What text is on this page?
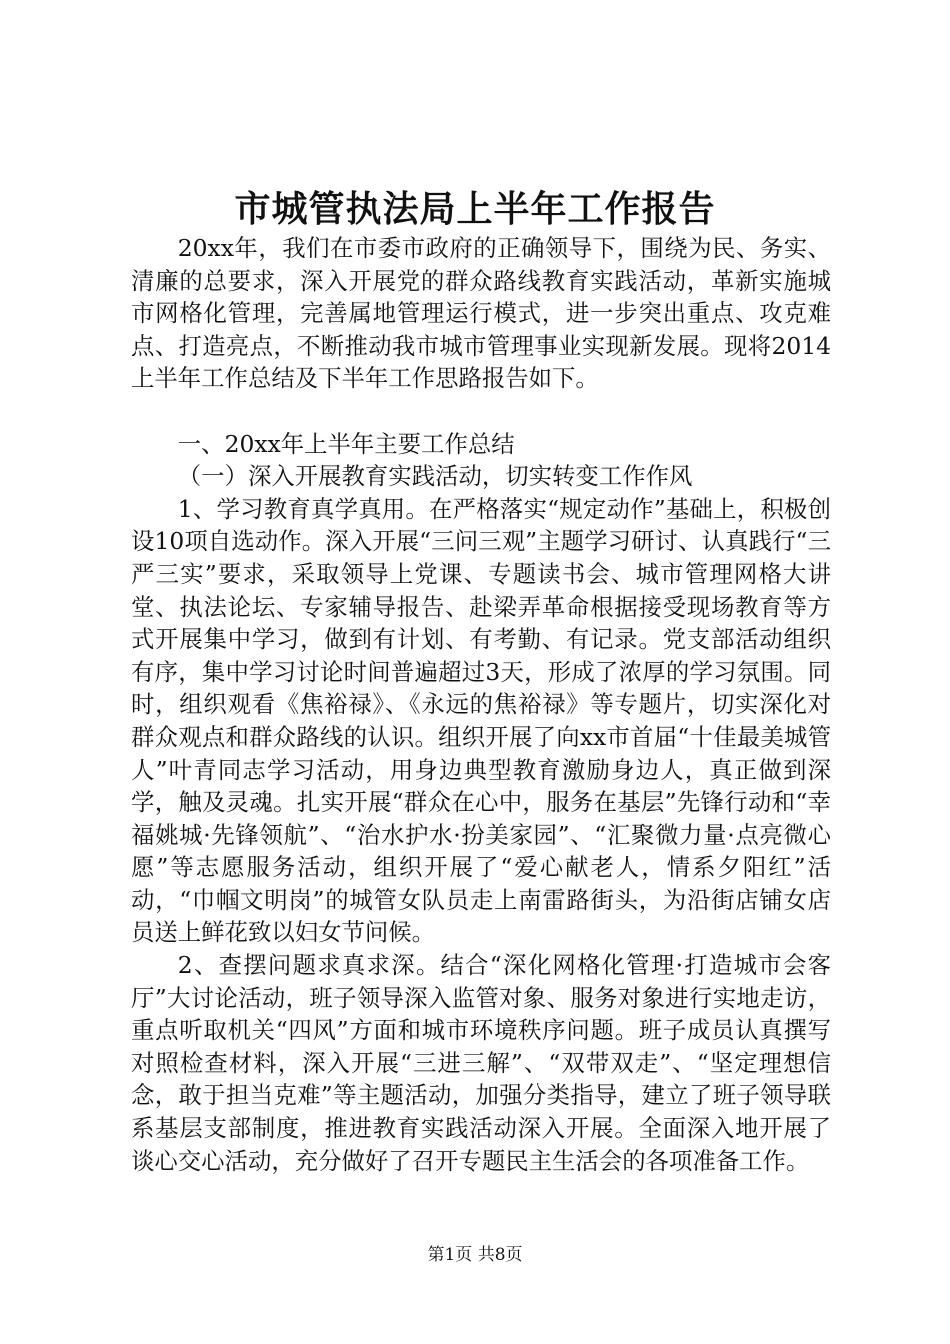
市城管执法局上半年工作报告

20xx年，我们在市委市政府的正确领导下，围绕为民、务实、清廉的总要求，深入开展党的群众路线教育实践活动，革新实施城市网格化管理，完善属地管理运行模式，进一步突出重点、攻克难点、打造亮点，不断推动我市城市管理事业实现新发展。现将2014上半年工作总结及下半年工作思路报告如下。

一、20xx年上半年主要工作总结

（一）深入开展教育实践活动，切实转变工作作风

1、学习教育真学真用。在严格落实“规定动作”基础上，积极创设10项自选动作。深入开展“三问三观”主题学习研讨、认真践行“三严三实”要求，采取领导上党课、专题读书会、城市管理网格大讲堂、执法论坛、专家辅导报告、赴梁弄革命根据接受现场教育等方式开展集中学习，做到有计划、有考勤、有记录。党支部活动组织有序，集中学习讨论时间普遍超过3天，形成了浓厚的学习氛围。同时，组织观看《焦裕禄》、《永远的焦裕禄》等专题片，切实深化对群众观点和群众路线的认识。组织开展了向xx市首届“十佳最美城管人”叶青同志学习活动，用身边典型教育激励身边人，真正做到深学，触及灵魂。扎实开展“群众在心中，服务在基层”先锋行动和“幸福姚城·先锋领航”、“治水护水·扮美家园”、“汇聚微力量·点亮微心愿”等志愿服务活动，组织开展了“爱心献老人，情系夕阳红”活动，“巾帼文明岗”的城管女队员走上南雷路街头，为沿街店铺女店员送上鲜花致以妇女节问候。

2、查摆问题求真求深。结合“深化网格化管理·打造城市会客厅”大讨论活动，班子领导深入监管对象、服务对象进行实地走访，重点听取机关“四风”方面和城市环境秩序问题。班子成员认真撰写对照检查材料，深入开展“三进三解”、“双带双走”、“坚定理想信念，敢于担当克难”等主题活动，加强分类指导，建立了班子领导联系基层支部制度，推进教育实践活动深入开展。全面深入地开展了谈心交心活动，充分做好了召开专题民主生活会的各项准备工作。

第1页 共8页
